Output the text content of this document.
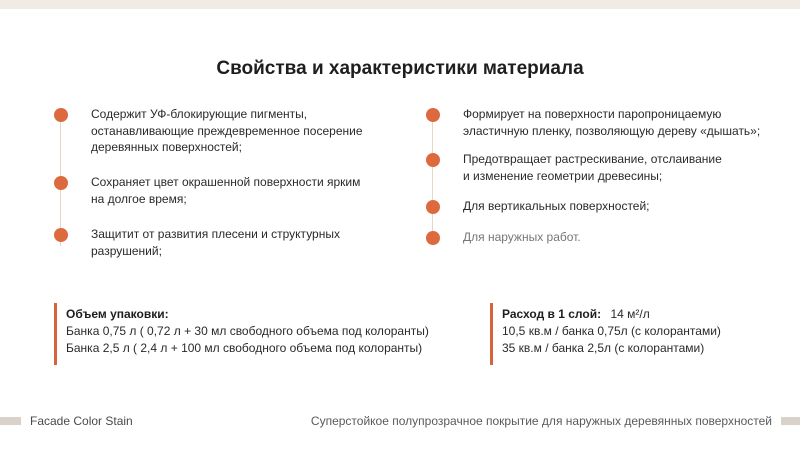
Свойства и характеристики материала
Содержит УФ-блокирующие пигменты,
останавливающие преждевременное посерение
деревянных поверхностей;
Сохраняет цвет окрашенной поверхности ярким
на долгое время;
Защитит от развития плесени и структурных
разрушений;
Формирует на поверхности паропроницаемую
эластичную пленку, позволяющую дереву «дышать»;
Предотвращает растрескивание, отслаивание
и изменение геометрии древесины;
Для вертикальных поверхностей;
Для наружных работ.
Объем упаковки:
Банка 0,75 л ( 0,72 л + 30 мл свободного объема под колоранты)
Банка 2,5 л ( 2,4 л + 100 мл свободного объема под колоранты)
Расход в 1 слой: 14 м²/л
10,5 кв.м / банка 0,75л (с колорантами)
35 кв.м / банка 2,5л (с колорантами)
Facade Color Stain	Суперстойкое полупрозрачное покрытие для наружных деревянных поверхностей
